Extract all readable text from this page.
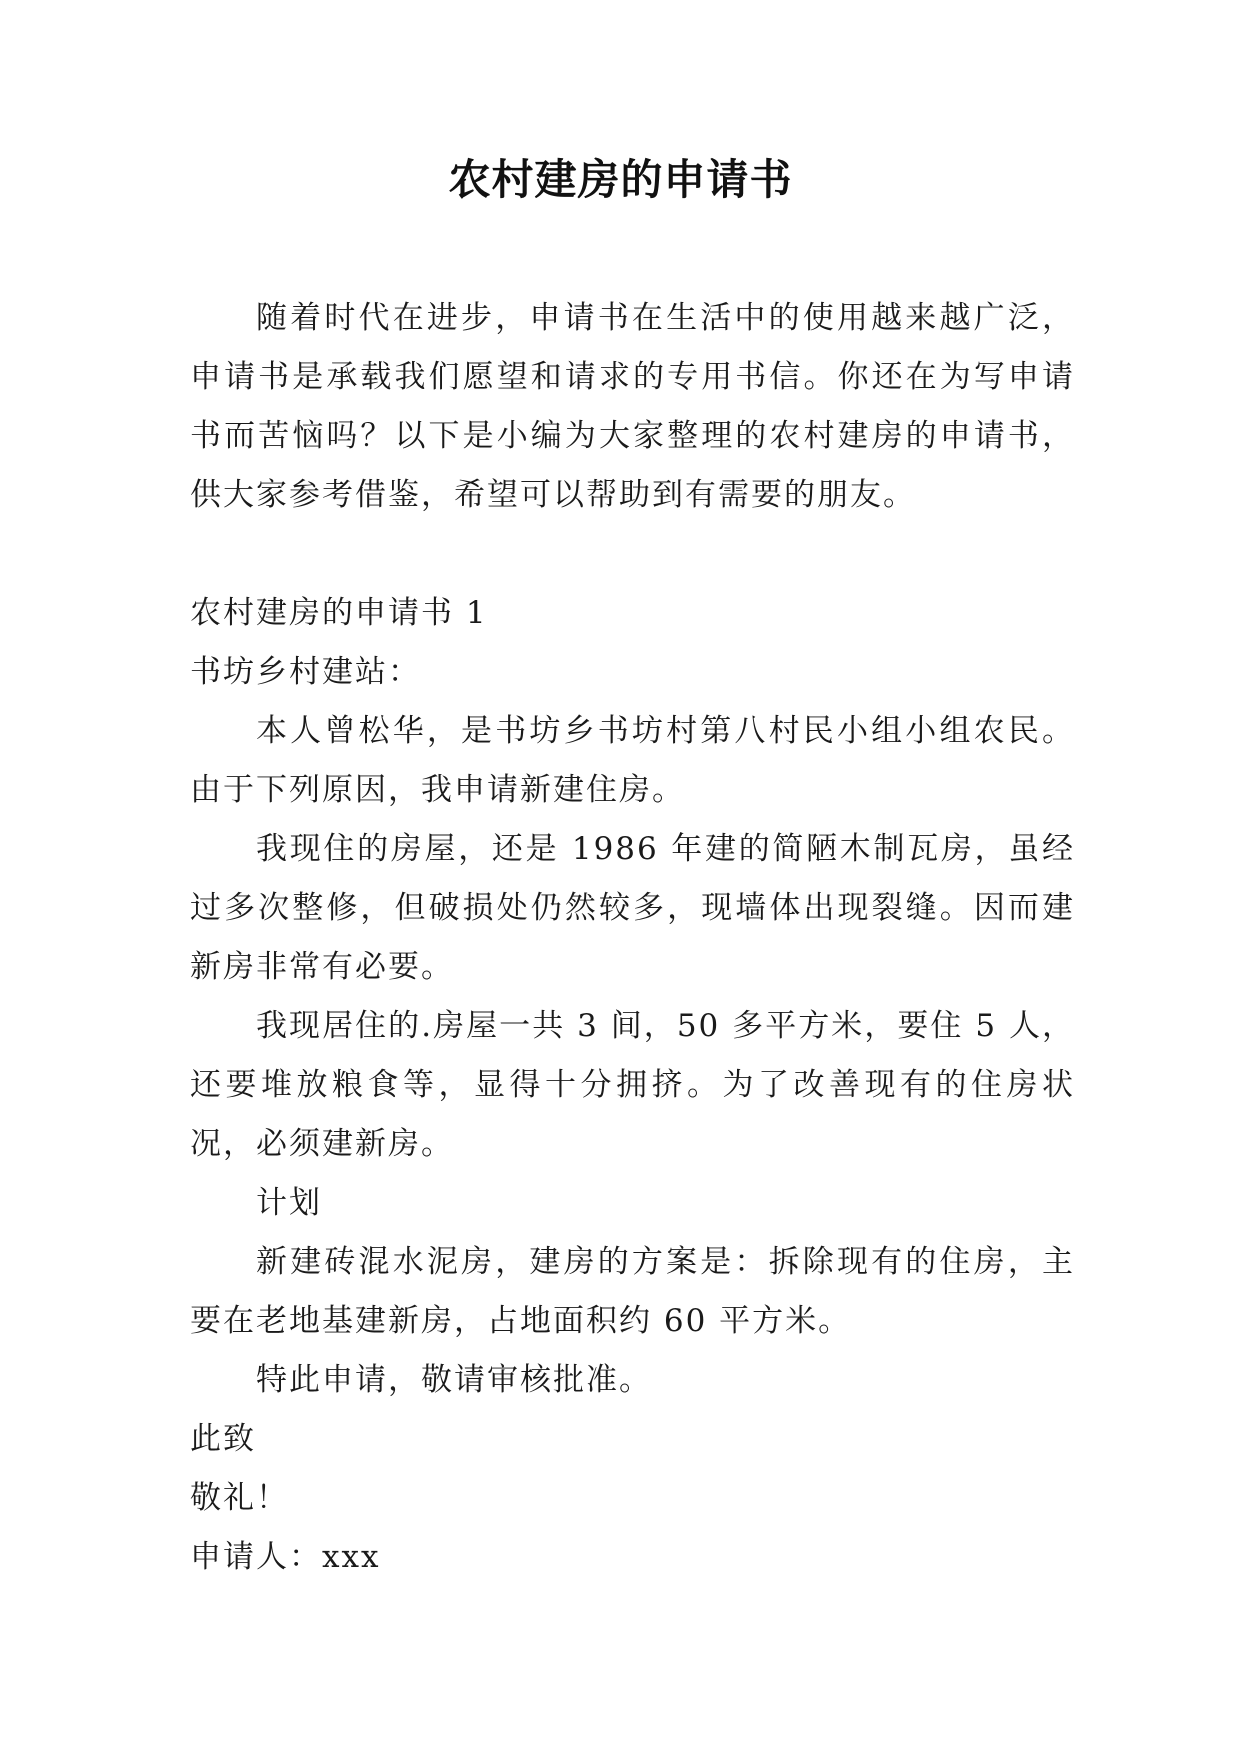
农村建房的申请书

随着时代在进步，申请书在生活中的使用越来越广泛，申请书是承载我们愿望和请求的专用书信。你还在为写申请书而苦恼吗？以下是小编为大家整理的农村建房的申请书，供大家参考借鉴，希望可以帮助到有需要的朋友。

农村建房的申请书 1

书坊乡村建站：

本人曾松华，是书坊乡书坊村第八村民小组小组农民。由于下列原因，我申请新建住房。

我现住的房屋，还是 1986 年建的简陋木制瓦房，虽经过多次整修，但破损处仍然较多，现墙体出现裂缝。因而建新房非常有必要。

我现居住的.房屋一共 3 间，50 多平方米，要住 5 人，还要堆放粮食等，显得十分拥挤。为了改善现有的住房状况，必须建新房。

计划

新建砖混水泥房，建房的方案是：拆除现有的住房，主要在老地基建新房，占地面积约 60 平方米。

特此申请，敬请审核批准。

此致

敬礼！

申请人：xxx
